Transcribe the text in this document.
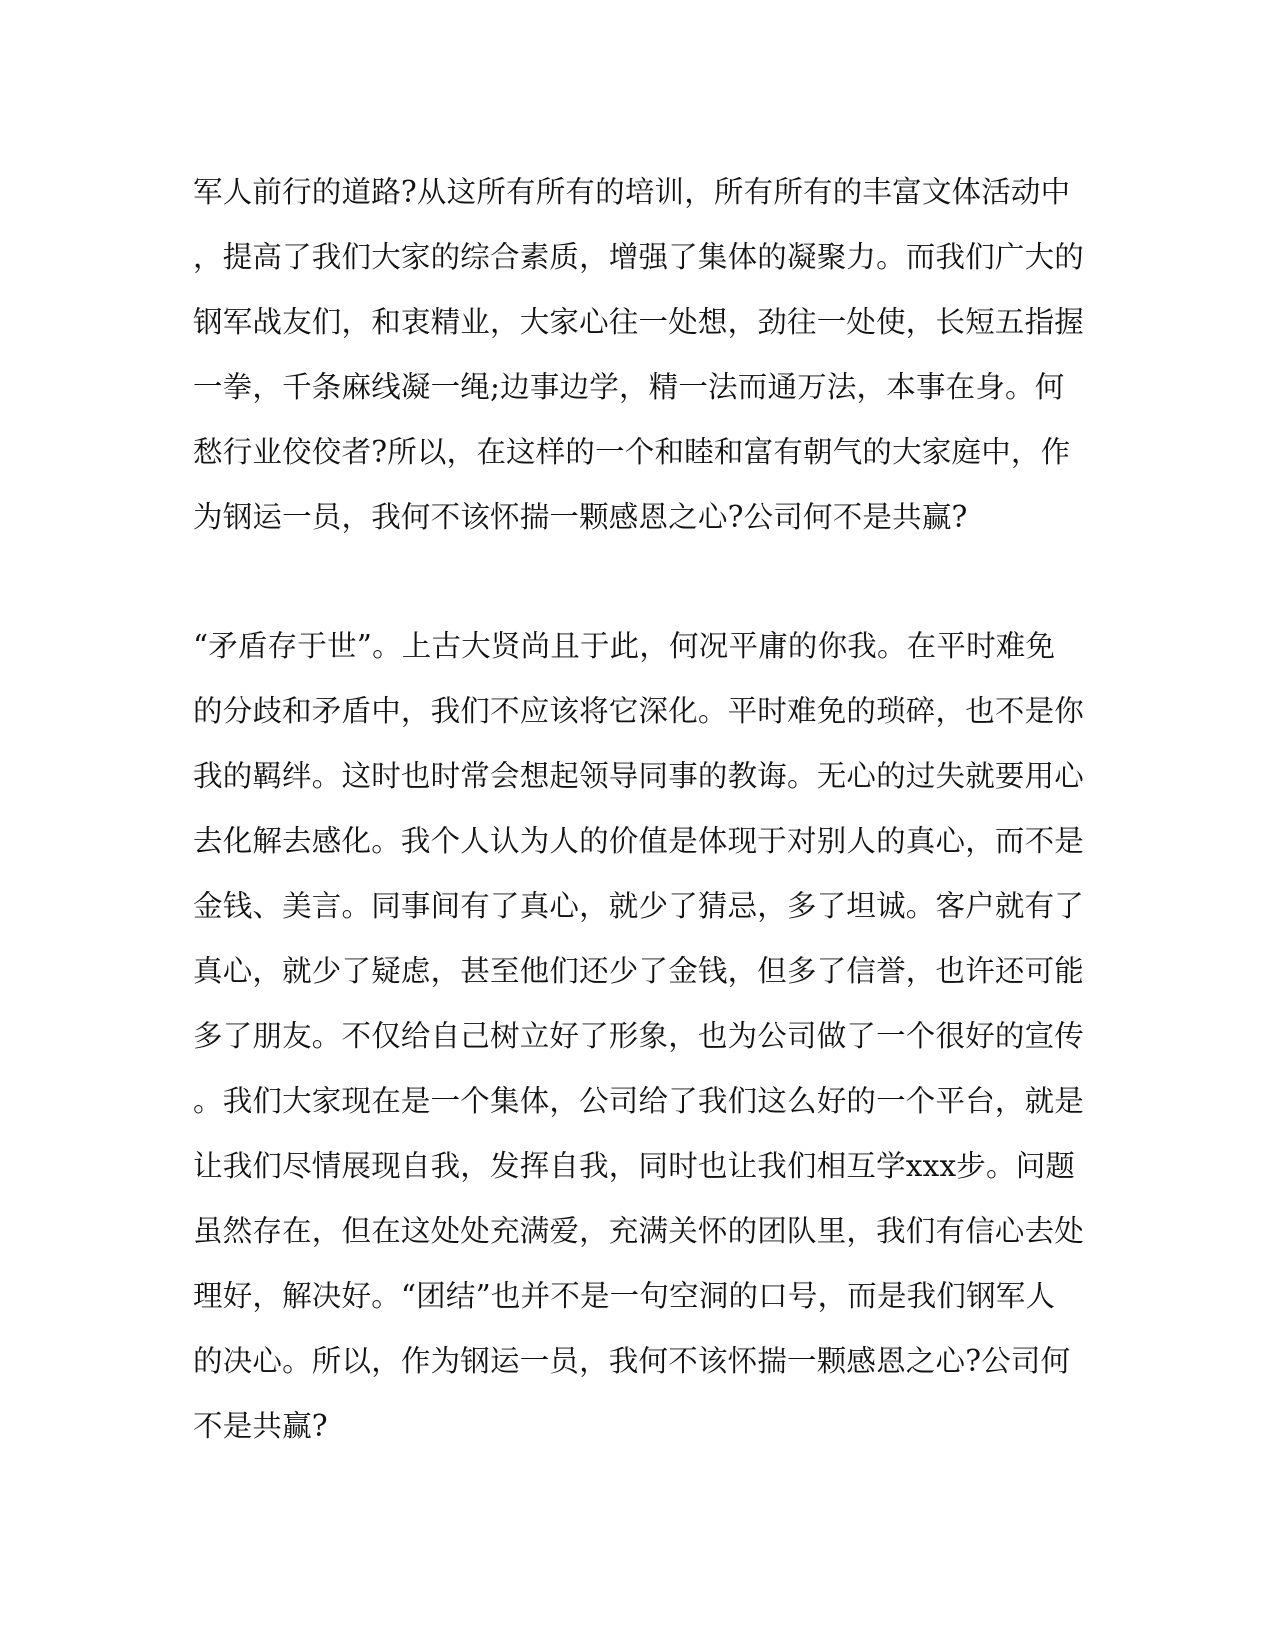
军人前行的道路?从这所有所有的培训，所有所有的丰富文体活动中
，提高了我们大家的综合素质，增强了集体的凝聚力。而我们广大的
钢军战友们，和衷精业，大家心往一处想，劲往一处使，长短五指握
一拳，千条麻线凝一绳;边事边学，精一法而通万法，本事在身。何
愁行业佼佼者?所以，在这样的一个和睦和富有朝气的大家庭中，作
为钢运一员，我何不该怀揣一颗感恩之心?公司何不是共赢?
“矛盾存于世”。上古大贤尚且于此，何况平庸的你我。在平时难免
的分歧和矛盾中，我们不应该将它深化。平时难免的琐碎，也不是你
我的羁绊。这时也时常会想起领导同事的教诲。无心的过失就要用心
去化解去感化。我个人认为人的价值是体现于对别人的真心，而不是
金钱、美言。同事间有了真心，就少了猜忌，多了坦诚。客户就有了
真心，就少了疑虑，甚至他们还少了金钱，但多了信誉，也许还可能
多了朋友。不仅给自己树立好了形象，也为公司做了一个很好的宣传
。我们大家现在是一个集体，公司给了我们这么好的一个平台，就是
让我们尽情展现自我，发挥自我，同时也让我们相互学xxx步。问题
虽然存在，但在这处处充满爱，充满关怀的团队里，我们有信心去处
理好，解决好。“团结”也并不是一句空洞的口号，而是我们钢军人
的决心。所以，作为钢运一员，我何不该怀揣一颗感恩之心?公司何
不是共赢?
